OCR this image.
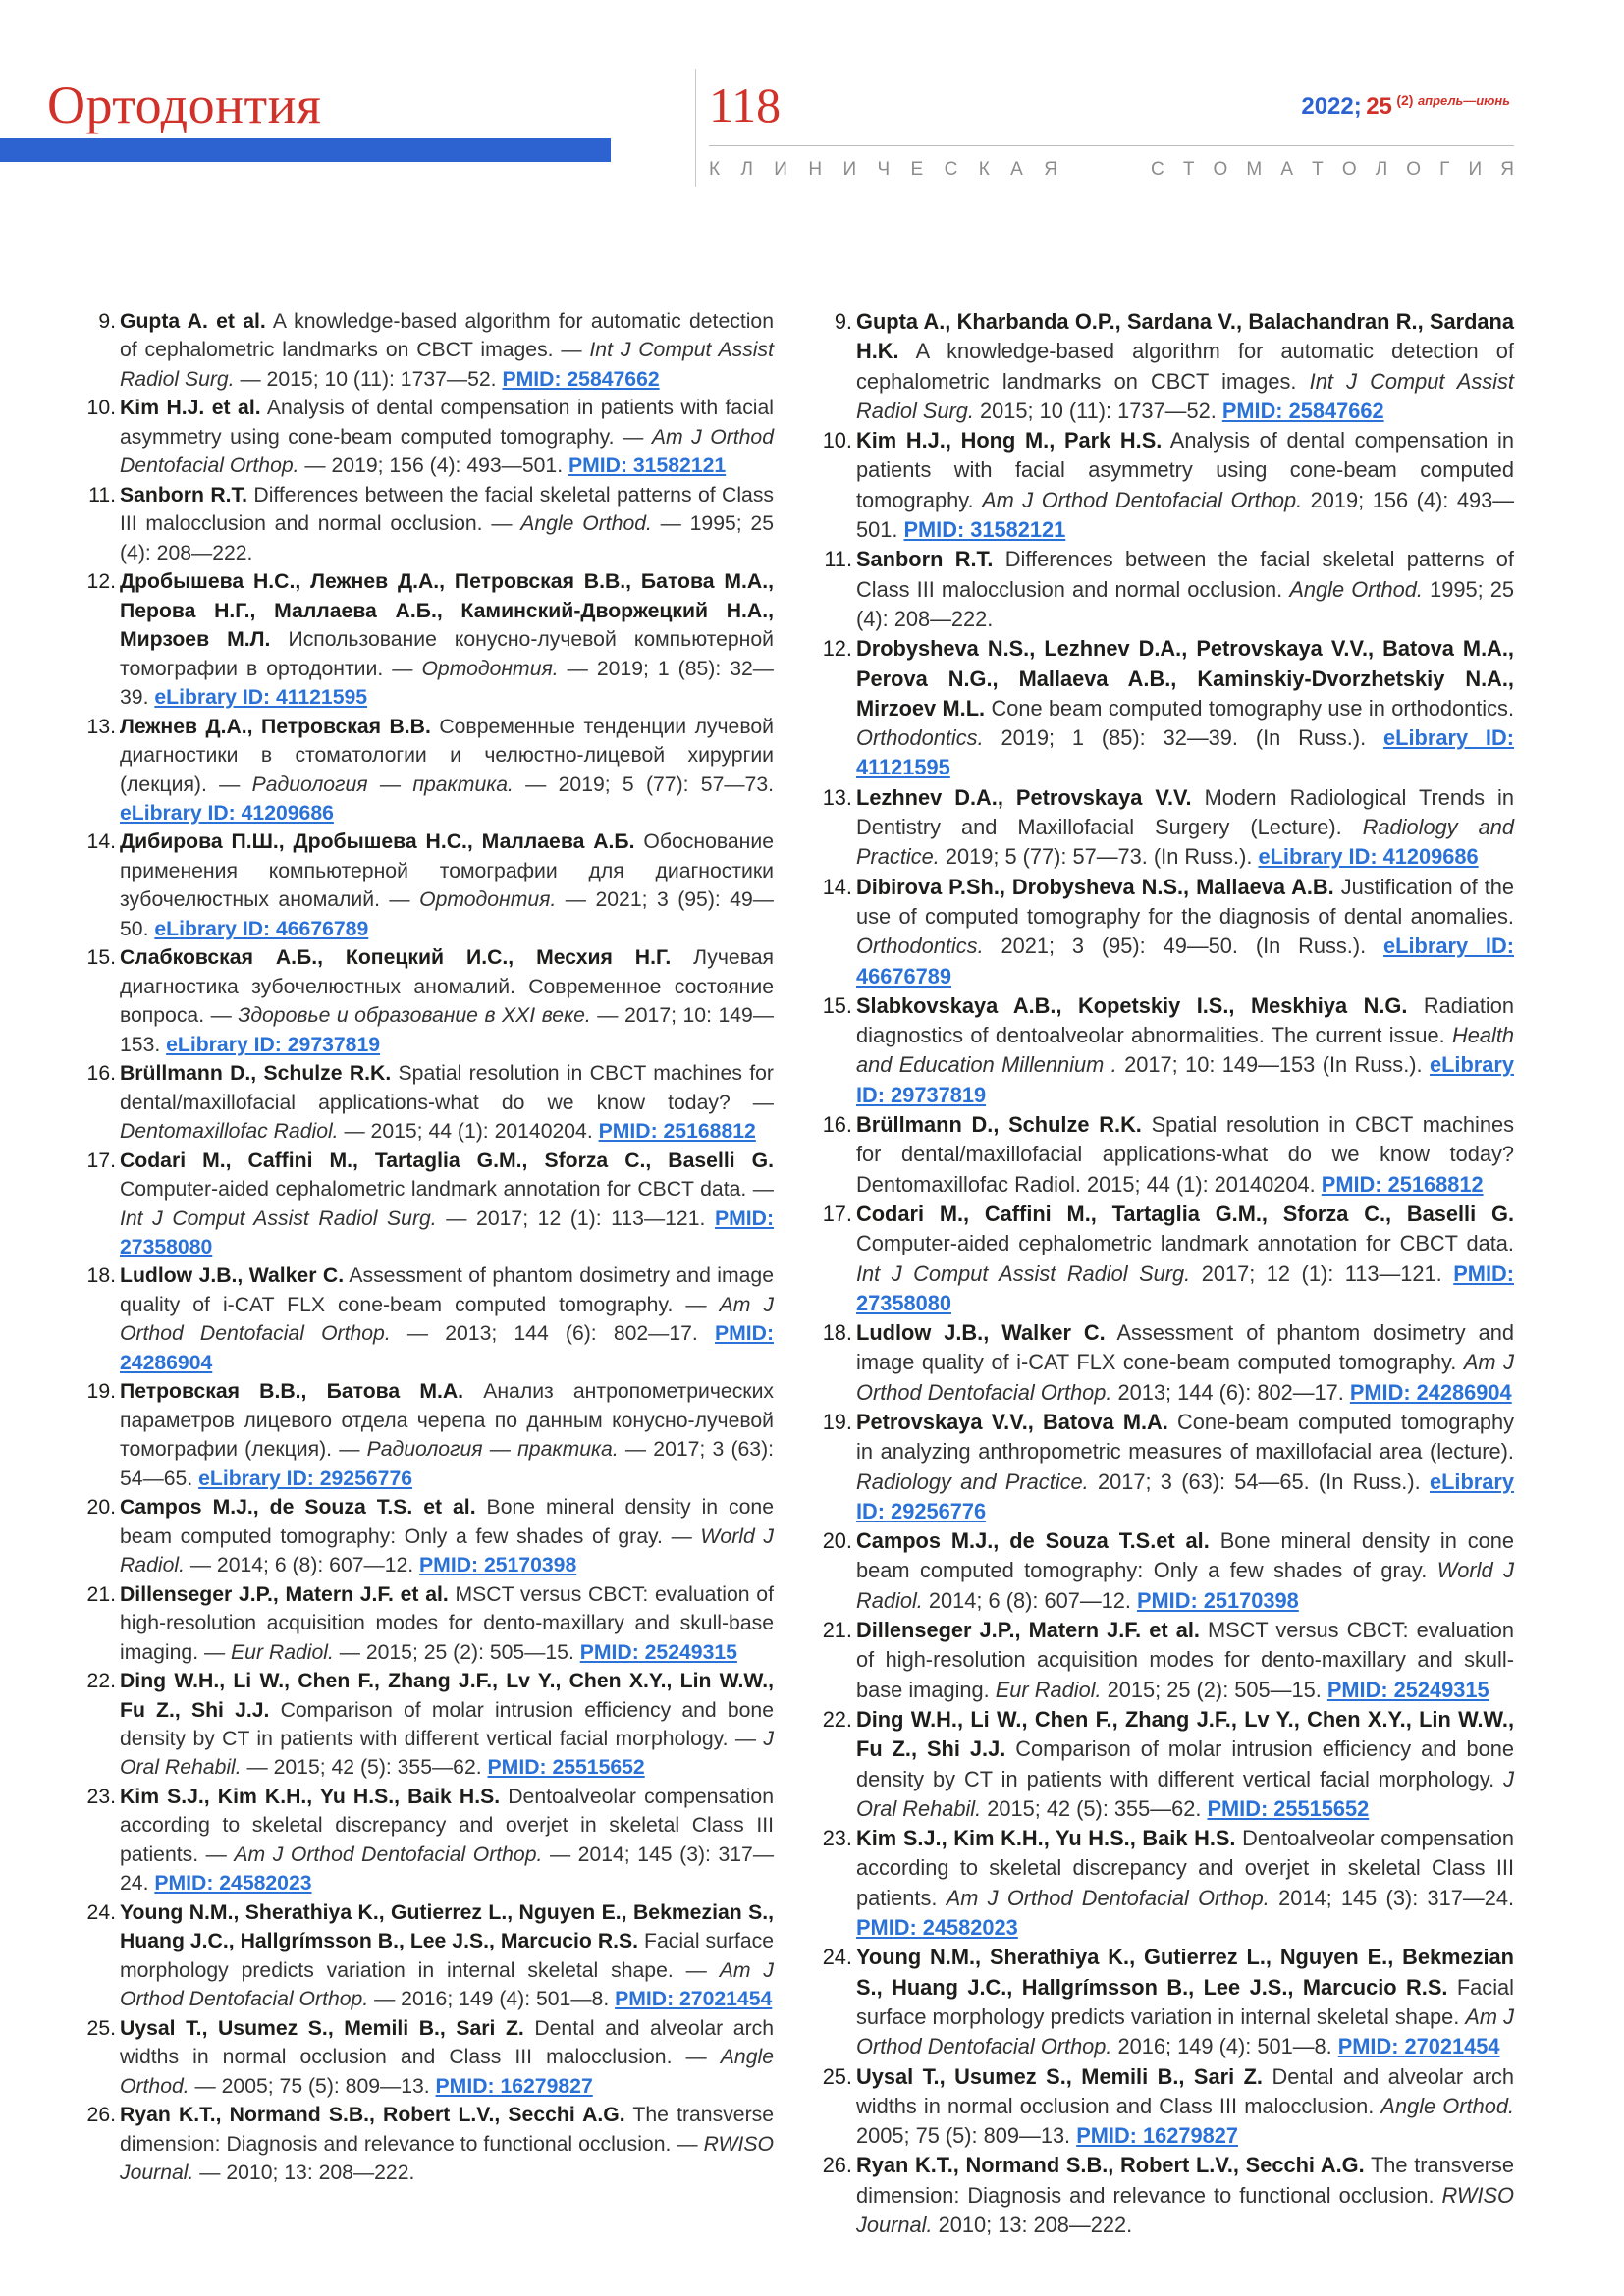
Ортодонтия	118	2022; 25 (2) $^{апрель—июнь}$
К Л И Н И Ч Е С К А Я	С Т О М А Т О Л О Г И Я

9. Gupta A. et al. A knowledge-based algorithm for automatic detection of cephalometric landmarks on CBCT images. — Int J Comput Assist Radiol Surg. — 2015; 10 (11): 1737—52. PMID: 25847662

10. Kim H.J. et al. Analysis of dental compensation in patients with facial asymmetry using cone-beam computed tomography. — Am J Orthod Dentofacial Orthop. — 2019; 156 (4): 493—501. PMID: 31582121

11. Sanborn R.T. Differences between the facial skeletal patterns of Class III malocclusion and normal occlusion. — Angle Orthod. — 1995; 25 (4): 208—222.

12. Дробышева Н.С., Лежнев Д.А., Петровская В.В., Батова М.А., Перова Н.Г., Маллаева А.Б., Каминский-Дворжецкий Н.А., Мирзоев М.Л. Использование конусно-лучевой компьютерной томографии в ортодонтии. — Ортодонтия. — 2019; 1 (85): 32—39. eLibrary ID: 41121595

13. Лежнев Д.А., Петровская В.В. Современные тенденции лучевой диагностики в стоматологии и челюстно-лицевой хирургии (лекция). — Радиология — практика. — 2019; 5 (77): 57—73. eLibrary ID: 41209686

14. Дибирова П.Ш., Дробышева Н.С., Маллаева А.Б. Обоснование применения компьютерной томографии для диагностики зубочелюстных аномалий. — Ортодонтия. — 2021; 3 (95): 49—50. eLibrary ID: 46676789

15. Слабковская А.Б., Копецкий И.С., Месхия Н.Г. Лучевая диагностика зубочелюстных аномалий. Современное состояние вопроса. — Здоровье и образование в XXI веке. — 2017; 10: 149—153. eLibrary ID: 29737819

16. Brüllmann D., Schulze R.K. Spatial resolution in CBCT machines for dental/maxillofacial applications-what do we know today? — Dentomaxillofac Radiol. — 2015; 44 (1): 20140204. PMID: 25168812

17. Codari M., Caffini M., Tartaglia G.M., Sforza C., Baselli G. Computer-aided cephalometric landmark annotation for CBCT data. — Int J Comput Assist Radiol Surg. — 2017; 12 (1): 113—121. PMID: 27358080

18. Ludlow J.B., Walker C. Assessment of phantom dosimetry and image quality of i-CAT FLX cone-beam computed tomography. — Am J Orthod Dentofacial Orthop. — 2013; 144 (6): 802—17. PMID: 24286904

19. Петровская В.В., Батова М.А. Анализ антропометрических параметров лицевого отдела черепа по данным конусно-лучевой томографии (лекция). — Радиология — практика. — 2017; 3 (63): 54—65. eLibrary ID: 29256776

20. Campos M.J., de Souza T.S. et al. Bone mineral density in cone beam computed tomography: Only a few shades of gray. — World J Radiol. — 2014; 6 (8): 607—12. PMID: 25170398

21. Dillenseger J.P., Matern J.F. et al. MSCT versus CBCT: evaluation of high-resolution acquisition modes for dento-maxillary and skull-base imaging. — Eur Radiol. — 2015; 25 (2): 505—15. PMID: 25249315

22. Ding W.H., Li W., Chen F., Zhang J.F., Lv Y., Chen X.Y., Lin W.W., Fu Z., Shi J.J. Comparison of molar intrusion efficiency and bone density by CT in patients with different vertical facial morphology. — J Oral Rehabil. — 2015; 42 (5): 355—62. PMID: 25515652

23. Kim S.J., Kim K.H., Yu H.S., Baik H.S. Dentoalveolar compensation according to skeletal discrepancy and overjet in skeletal Class III patients. — Am J Orthod Dentofacial Orthop. — 2014; 145 (3): 317—24. PMID: 24582023

24. Young N.M., Sherathiya K., Gutierrez L., Nguyen E., Bekmezian S., Huang J.C., Hallgrímsson B., Lee J.S., Marcucio R.S. Facial surface morphology predicts variation in internal skeletal shape. — Am J Orthod Dentofacial Orthop. — 2016; 149 (4): 501—8. PMID: 27021454

25. Uysal T., Usumez S., Memili B., Sari Z. Dental and alveolar arch widths in normal occlusion and Class III malocclusion. — Angle Orthod. — 2005; 75 (5): 809—13. PMID: 16279827

26. Ryan K.T., Normand S.B., Robert L.V., Secchi A.G. The transverse dimension: Diagnosis and relevance to functional occlusion. — RWISO Journal. — 2010; 13: 208—222.

9. Gupta A., Kharbanda O.P., Sardana V., Balachandran R., Sardana H.K. A knowledge-based algorithm for automatic detection of cephalometric landmarks on CBCT images. Int J Comput Assist Radiol Surg. 2015; 10 (11): 1737—52. PMID: 25847662

10. Kim H.J., Hong M., Park H.S. Analysis of dental compensation in patients with facial asymmetry using cone-beam computed tomography. Am J Orthod Dentofacial Orthop. 2019; 156 (4): 493—501. PMID: 31582121

11. Sanborn R.T. Differences between the facial skeletal patterns of Class III malocclusion and normal occlusion. Angle Orthod. 1995; 25 (4): 208—222.

12. Drobysheva N.S., Lezhnev D.A., Petrovskaya V.V., Batova M.A., Perova N.G., Mallaeva A.B., Kaminskiy-Dvorzhetskiy N.A., Mirzoev M.L. Cone beam computed tomography use in orthodontics. Orthodontics. 2019; 1 (85): 32—39. (In Russ.). eLibrary ID: 41121595

13. Lezhnev D.A., Petrovskaya V.V. Modern Radiological Trends in Dentistry and Maxillofacial Surgery (Lecture). Radiology and Practice. 2019; 5 (77): 57—73. (In Russ.). eLibrary ID: 41209686

14. Dibirova P.Sh., Drobysheva N.S., Mallaeva A.B. Justification of the use of computed tomography for the diagnosis of dental anomalies. Orthodontics. 2021; 3 (95): 49—50. (In Russ.). eLibrary ID: 46676789

15. Slabkovskaya A.B., Kopetskiy I.S., Meskhiya N.G. Radiation diagnostics of dentoalveolar abnormalities. The current issue. Health and Education Millennium . 2017; 10: 149—153 (In Russ.). eLibrary ID: 29737819

16. Brüllmann D., Schulze R.K. Spatial resolution in CBCT machines for dental/maxillofacial applications-what do we know today? Dentomaxillofac Radiol. 2015; 44 (1): 20140204. PMID: 25168812

17. Codari M., Caffini M., Tartaglia G.M., Sforza C., Baselli G. Computer-aided cephalometric landmark annotation for CBCT data. Int J Comput Assist Radiol Surg. 2017; 12 (1): 113—121. PMID: 27358080

18. Ludlow J.B., Walker C. Assessment of phantom dosimetry and image quality of i-CAT FLX cone-beam computed tomography. Am J Orthod Dentofacial Orthop. 2013; 144 (6): 802—17. PMID: 24286904

19. Petrovskaya V.V., Batova M.A. Cone-beam computed tomography in analyzing anthropometric measures of maxillofacial area (lecture). Radiology and Practice. 2017; 3 (63): 54—65. (In Russ.). eLibrary ID: 29256776

20. Campos M.J., de Souza T.S.et al. Bone mineral density in cone beam computed tomography: Only a few shades of gray. World J Radiol. 2014; 6 (8): 607—12. PMID: 25170398

21. Dillenseger J.P., Matern J.F. et al. MSCT versus CBCT: evaluation of high-resolution acquisition modes for dento-maxillary and skull-base imaging. Eur Radiol. 2015; 25 (2): 505—15. PMID: 25249315

22. Ding W.H., Li W., Chen F., Zhang J.F., Lv Y., Chen X.Y., Lin W.W., Fu Z., Shi J.J. Comparison of molar intrusion efficiency and bone density by CT in patients with different vertical facial morphology. J Oral Rehabil. 2015; 42 (5): 355—62. PMID: 25515652

23. Kim S.J., Kim K.H., Yu H.S., Baik H.S. Dentoalveolar compensation according to skeletal discrepancy and overjet in skeletal Class III patients. Am J Orthod Dentofacial Orthop. 2014; 145 (3): 317—24. PMID: 24582023

24. Young N.M., Sherathiya K., Gutierrez L., Nguyen E., Bekmezian S., Huang J.C., Hallgrímsson B., Lee J.S., Marcucio R.S. Facial surface morphology predicts variation in internal skeletal shape. Am J Orthod Dentofacial Orthop. 2016; 149 (4): 501—8. PMID: 27021454

25. Uysal T., Usumez S., Memili B., Sari Z. Dental and alveolar arch widths in normal occlusion and Class III malocclusion. Angle Orthod. 2005; 75 (5): 809—13. PMID: 16279827

26. Ryan K.T., Normand S.B., Robert L.V., Secchi A.G. The transverse dimension: Diagnosis and relevance to functional occlusion. RWISO Journal. 2010; 13: 208—222.
